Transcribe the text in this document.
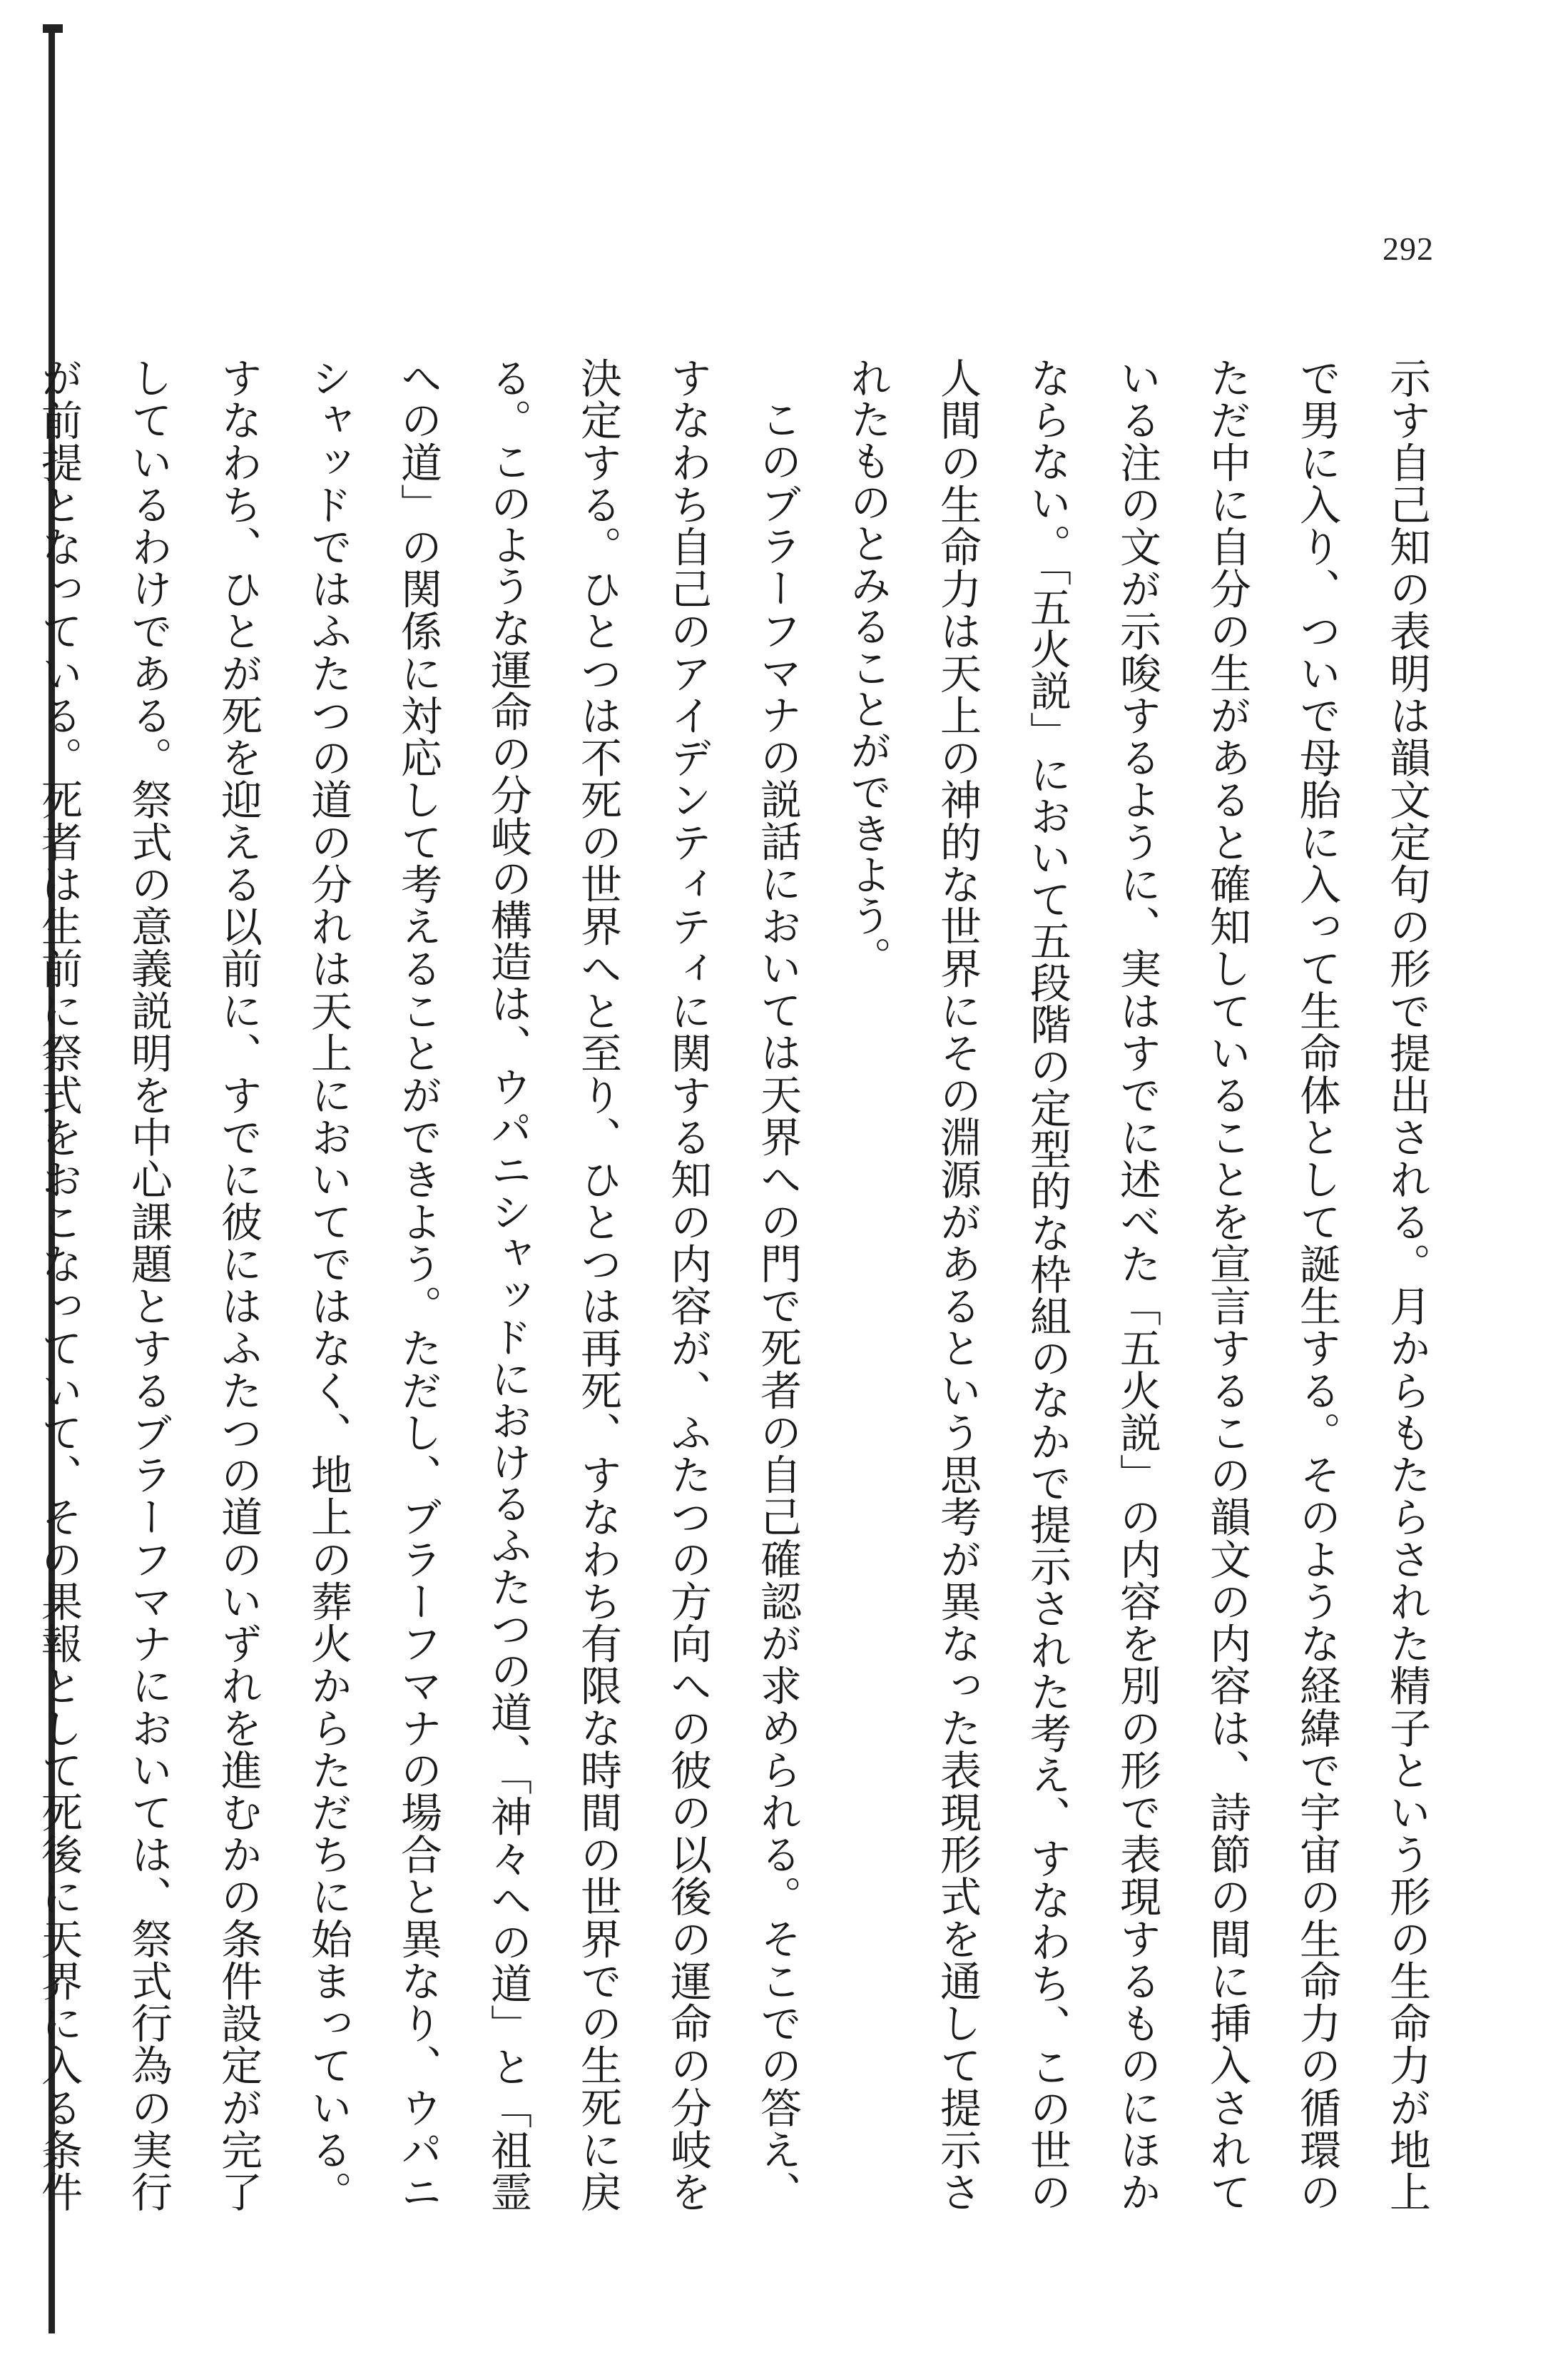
292

示す自己知の表明は韻文定句の形で提出される。月からもたらされた精子という形の生命力が地上で男に入り、ついで母胎に入って生命体として誕生する。そのような経緯で宇宙の生命力の循環のただ中に自分の生があると確知していることを宣言するこの韻文の内容は、詩節の間に挿入されている注の文が示唆するように、実はすでに述べた「五火説」の内容を別の形で表現するものにほかならない。「五火説」において五段階の定型的な枠組のなかで提示された考え、すなわち、この世の人間の生命力は天上の神的な世界にその淵源があるという思考が異なった表現形式を通して提示されたものとみることができよう。

このブラーフマナの説話においては天界への門で死者の自己確認が求められる。そこでの答え、すなわち自己のアイデンティティに関する知の内容が、ふたつの方向への彼の以後の運命の分岐を決定する。ひとつは不死の世界へと至り、ひとつは再死、すなわち有限な時間の世界での生死に戻る。このような運命の分岐の構造は、ウパニシャッドにおけるふたつの道、「神々への道」と「祖霊への道」の関係に対応して考えることができよう。ただし、ブラーフマナの場合と異なり、ウパニシャッドではふたつの道の分れは天上においてではなく、地上の葬火からただちに始まっている。すなわち、ひとが死を迎える以前に、すでに彼にはふたつの道のいずれを進むかの条件設定が完了しているわけである。祭式の意義説明を中心課題とするブラーフマナにおいては、祭式行為の実行が前提となっている。死者は生前に祭式をおこなっていて、その果報として死後に天界に入る条件
